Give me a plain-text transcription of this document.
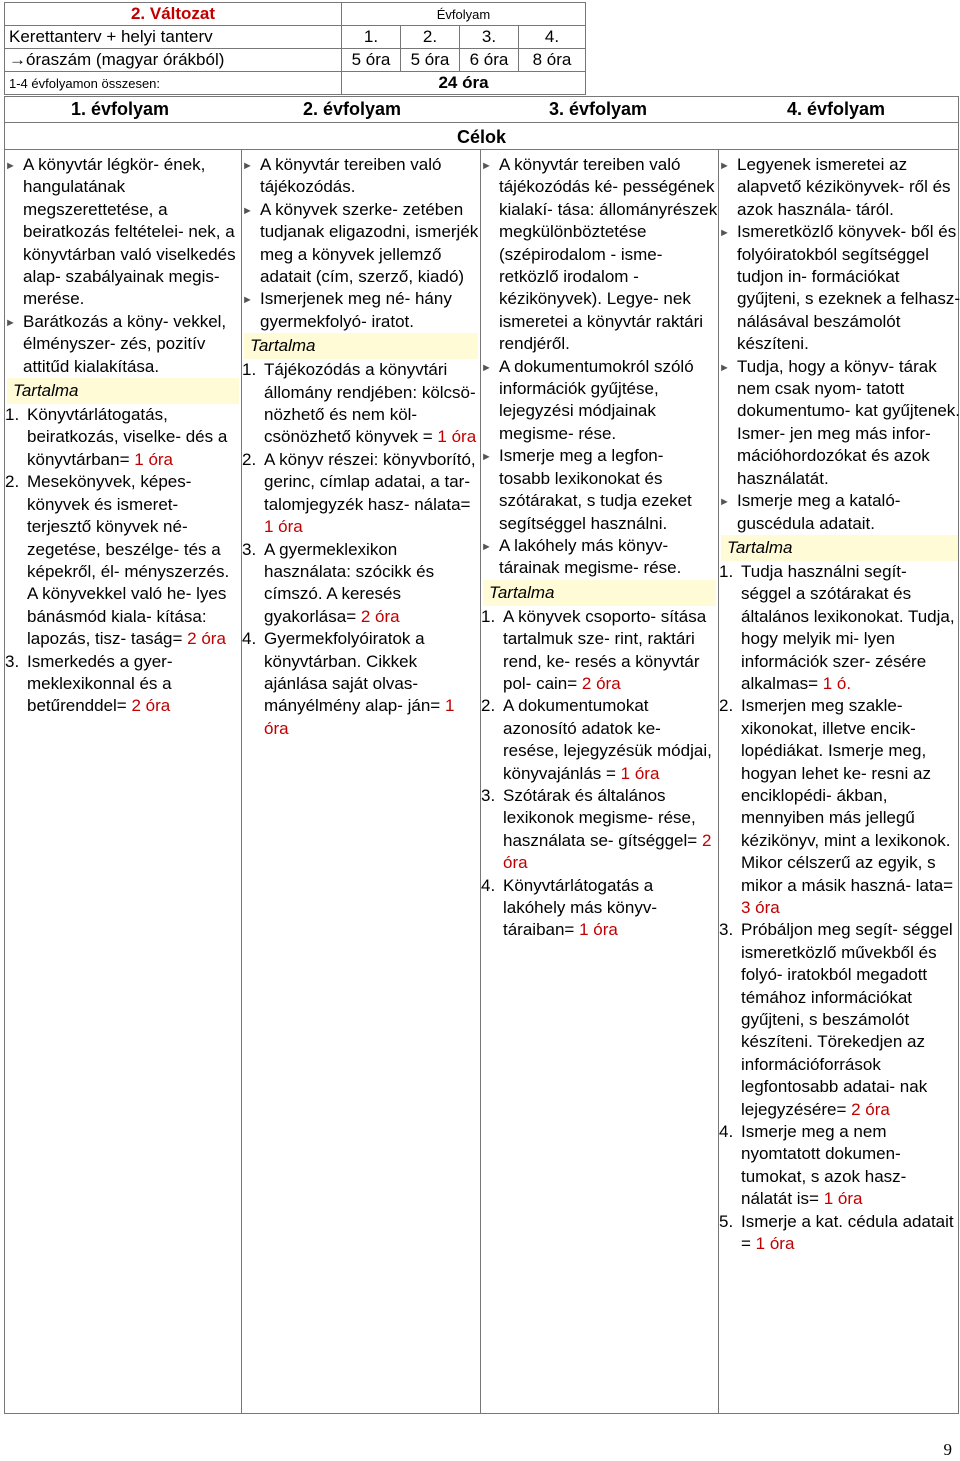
2. Változat	Évfolyam			
Kerettanterv + helyi tanterv	1.	2.	3.	4.
→óraszám (magyar órákból)	5 óra	5 óra	6 óra	8 óra
1-4 évfolyamon összesen:	24 óra			
1. évfolyam	2. évfolyam	3. évfolyam	4. évfolyam
Célok
► A könyvtár légkör- ének, hangulatának megszerettetése, a beiratkozás feltételei- nek, a könyvtárban való viselkedés alap- szabályainak megis- merése.
► Barátkozás a köny- vekkel, élményszer- zés, pozitív attitűd kialakítása.
Tartalma
1. Könyvtárlátogatás, beiratkozás, viselke- dés a könyvtárban= 1 óra
2. Mesekönyvek, képes- könyvek és ismeret- terjesztő könyvek né- zegetése, beszélge- tés a képekről, él- ményszerzés. A könyvekkel való he- lyes bánásmód kiala- kítása: lapozás, tisz- taság= 2 óra
3. Ismerkedés a gyer- meklexikonnal és a betűrenddel= 2 óra
► A könyvtár tereiben való tájékozódás.
► A könyvek szerke- zetében tudjanak eligazodni, ismerjék meg a könyvek jellemző adatait (cím, szerző, kiadó)
► Ismerjenek meg né- hány gyermekfolyó- iratot.
Tartalma
1. Tájékozódás a könyvtári állomány rendjében: kölcsö- nözhető és nem köl- csönözhető könyvek = 1 óra
2. A könyv részei: könyvborító, gerinc, címlap adatai, a tar- talomjegyzék hasz- nálata= 1 óra
3. A gyermeklexikon használata: szócikk és címszó. A keresés gyakorlása= 2 óra
4. Gyermekfolyóiratok a könyvtárban. Cikkek ajánlása saját olvas- mányélmény alap- ján= 1 óra
► A könyvtár tereiben való tájékozódás ké- pességének kialakí- tása: állományrészek megkülönböztetése (szépirodalom - isme- retközlő irodalom - kézikönyvek). Legye- nek ismeretei a könyvtár raktári rendjéről.
► A dokumentumokról szóló információk gyűjtése, lejegyzési módjainak megisme- rése.
► Ismerje meg a legfon- tosabb lexikonokat és szótárakat, s tudja ezeket segítséggel használni.
► A lakóhely más könyv- tárainak megisme- rése.
Tartalma
1. A könyvek csoporto- sítása tartalmuk sze- rint, raktári rend, ke- resés a könyvtár pol- cain= 2 óra
2. A dokumentumokat azonosító adatok ke- resése, lejegyzésük módjai, könyvajánlás = 1 óra
3. Szótárak és általános lexikonok megisme- rése, használata se- gítséggel= 2 óra
4. Könyvtárlátogatás a lakóhely más könyv- táraiban= 1 óra
► Legyenek ismeretei az alapvető kézikönyvek- ről és azok használa- táról.
► Ismeretközlő könyvek- ből és folyóiratokból segítséggel tudjon in- formációkat gyűjteni, s ezeknek a felhasz- nálásával beszámolót készíteni.
► Tudja, hogy a könyv- tárak nem csak nyom- tatott dokumentumo- kat gyűjtenek. Ismer- jen meg más infor- mációhordozókat és azok használatát.
► Ismerje meg a kataló- guscédula adatait.
Tartalma
1. Tudja használni segít- séggel a szótárakat és általános lexikonokat. Tudja, hogy melyik mi- lyen információk szer- zésére alkalmas= 1 ó.
2. Ismerjen meg szakle- xikonokat, illetve encik- lopédiákat. Ismerje meg, hogyan lehet ke- resni az enciklopédi- ákban, mennyiben más jellegű kézikönyv, mint a lexikonok. Mikor célszerű az egyik, s mikor a másik haszná- lata= 3 óra
3. Próbáljon meg segít- séggel ismeretközlő művekből és folyó- iratokból megadott témához információkat gyűjteni, s beszámolót készíteni. Törekedjen az információforrások legfontosabb adatai- nak lejegyzésére= 2 óra
4. Ismerje meg a nem nyomtatott dokumen- tumokat, s azok hasz- nálatát is= 1 óra
5. Ismerje a kat. cédula adatait = 1 óra
9
